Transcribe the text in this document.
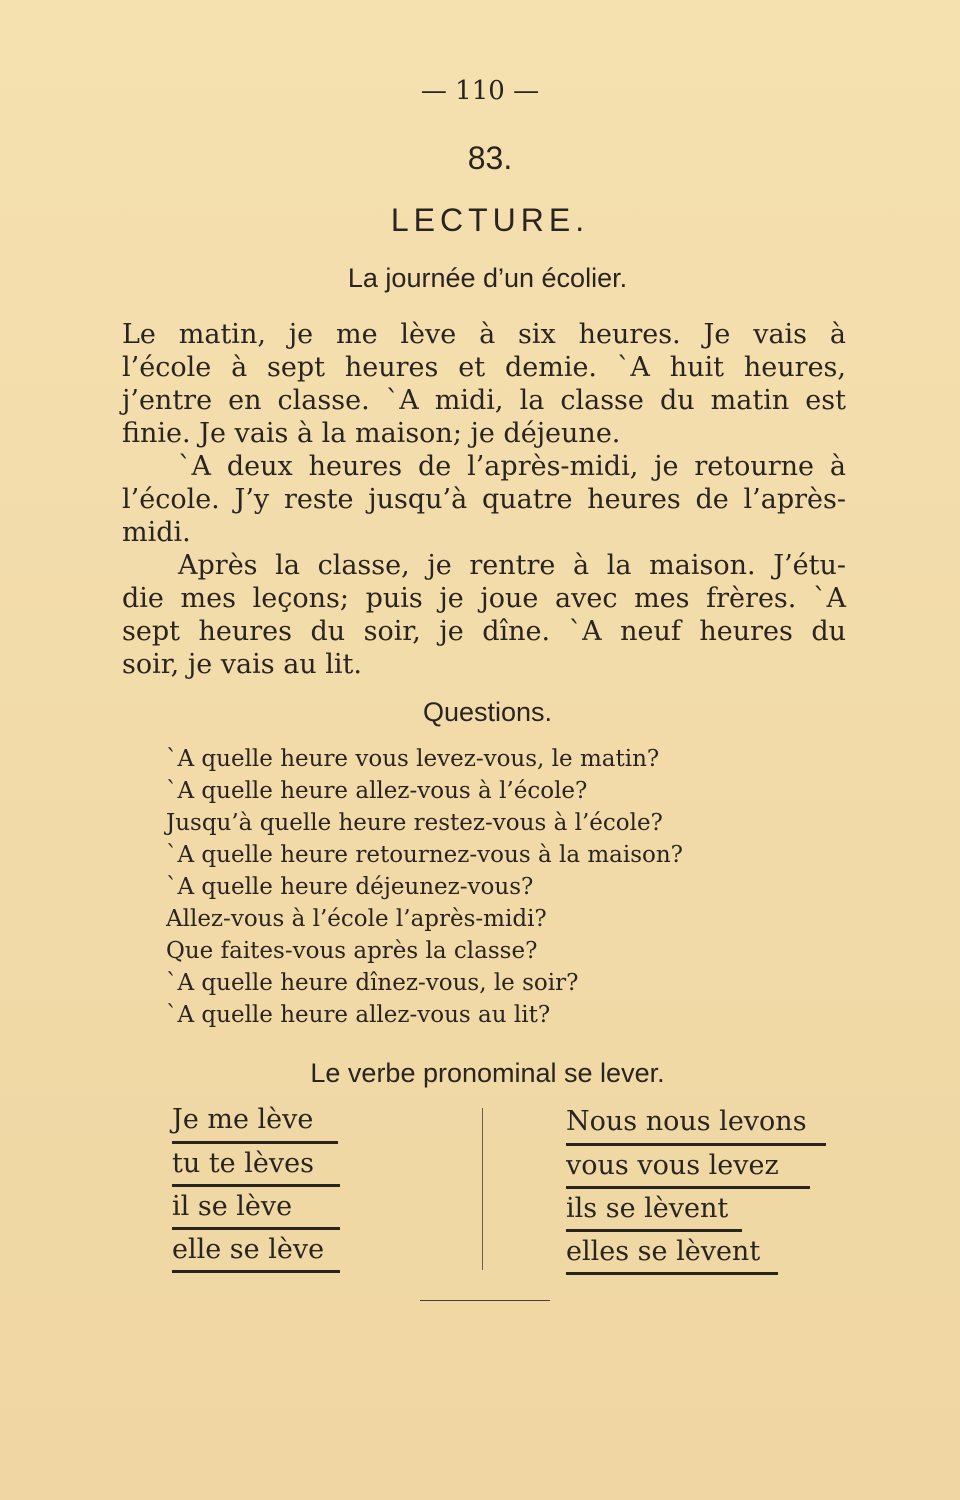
— 110 —
83.
LECTURE.
La journée d’un écolier.
Le matin, je me lève à six heures. Je vais à
l’école à sept heures et demie. `A huit heures,
j’entre en classe. `A midi, la classe du matin est
finie. Je vais à la maison; je déjeune.
`A deux heures de l’après-midi, je retourne à
l’école. J’y reste jusqu’à quatre heures de l’après-
midi.
Après la classe, je rentre à la maison. J’étu-
die mes leçons; puis je joue avec mes frères. `A
sept heures du soir, je dîne. `A neuf heures du
soir, je vais au lit.
Questions.
`A quelle heure vous levez-vous, le matin?
`A quelle heure allez-vous à l’école?
Jusqu’à quelle heure restez-vous à l’école?
`A quelle heure retournez-vous à la maison?
`A quelle heure déjeunez-vous?
Allez-vous à l’école l’après-midi?
Que faites-vous après la classe?
`A quelle heure dînez-vous, le soir?
`A quelle heure allez-vous au lit?
Le verbe pronominal se lever.
Je me lève
tu te lèves
il se lève
elle se lève
Nous nous levons
vous vous levez
ils se lèvent
elles se lèvent
